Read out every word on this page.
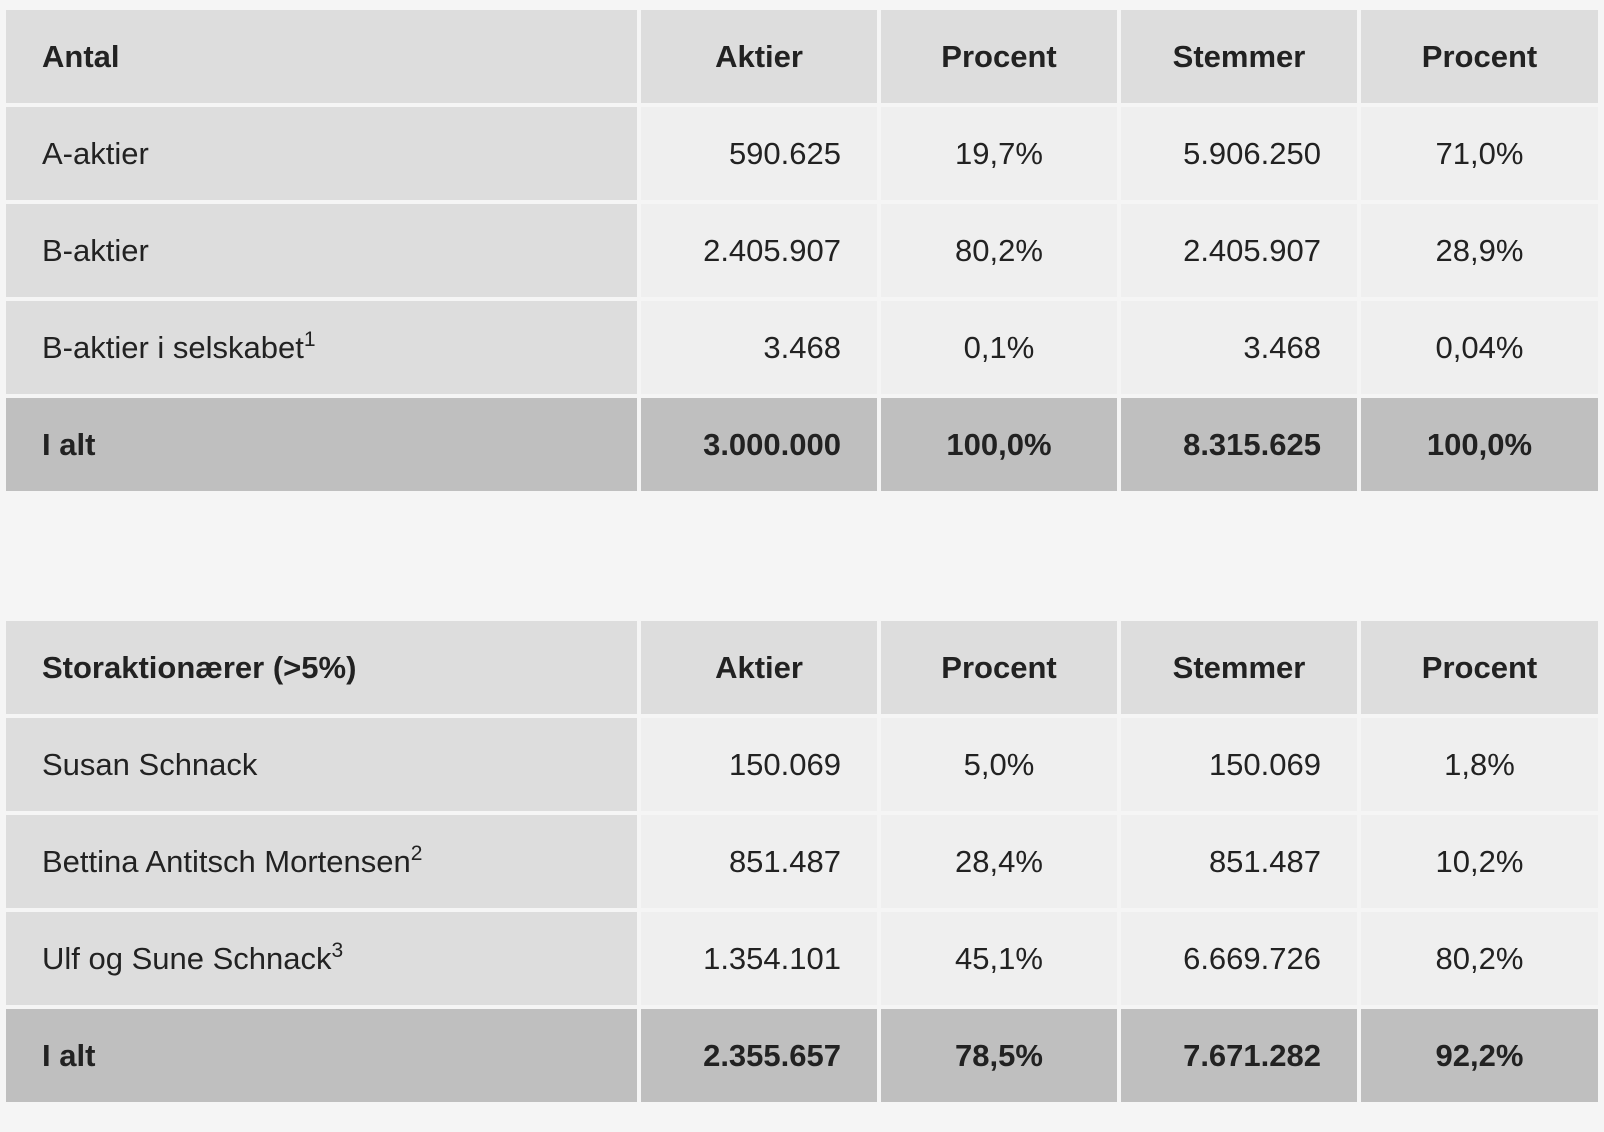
Antal	Aktier	Procent	Stemmer	Procent
A-aktier	590.625	19,7%	5.906.250	71,0%
B-aktier	2.405.907	80,2%	2.405.907	28,9%
B-aktier i selskabet$^1$	3.468	0,1%	3.468	0,04%
I alt	3.000.000	100,0%	8.315.625	100,0%
Storaktionærer (>5%)	Aktier	Procent	Stemmer	Procent
Susan Schnack	150.069	5,0%	150.069	1,8%
Bettina Antitsch Mortensen$^2$	851.487	28,4%	851.487	10,2%
Ulf og Sune Schnack$^3$	1.354.101	45,1%	6.669.726	80,2%
I alt	2.355.657	78,5%	7.671.282	92,2%
